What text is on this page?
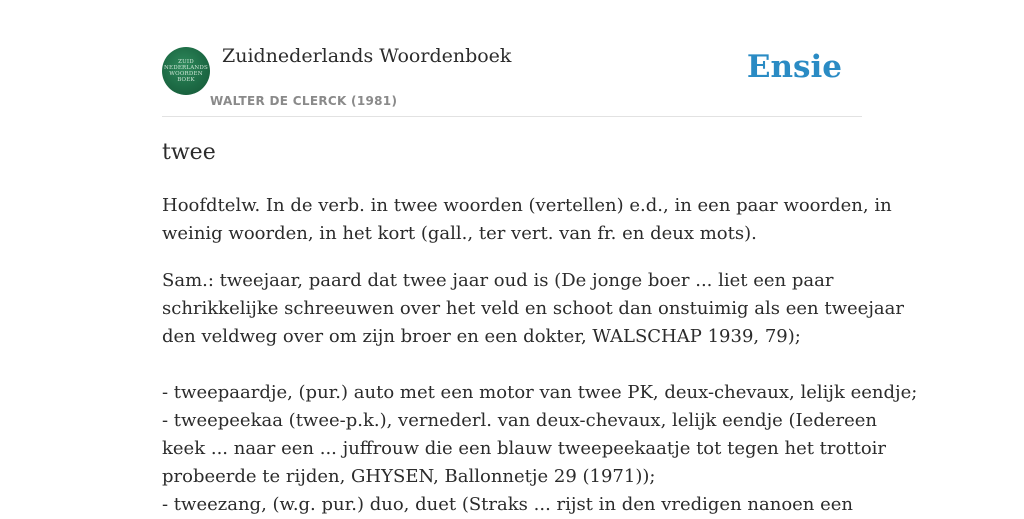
ZUID
NEDERLANDS
WOORDEN
BOEK
Zuidnederlands Woordenboek
WALTER DE CLERCK (1981)
Ensie
twee

Hoofdtelw. In de verb. in twee woorden (vertellen) e.d., in een paar woorden, in

weinig woorden, in het kort (gall., ter vert. van fr. en deux mots).

Sam.: tweejaar, paard dat twee jaar oud is (De jonge boer ... liet een paar

schrikkelijke schreeuwen over het veld en schoot dan onstuimig als een tweejaar

den veldweg over om zijn broer en een dokter, WALSCHAP 1939, 79);

- tweepaardje, (pur.) auto met een motor van twee PK, deux-chevaux, lelijk eendje;

- tweepeekaa (twee-p.k.), vernederl. van deux-chevaux, lelijk eendje (Iedereen

keek ... naar een ... juffrouw die een blauw tweepeekaatje tot tegen het trottoir

probeerde te rijden, GHYSEN, Ballonnetje 29 (1971));

- tweezang, (w.g. pur.) duo, duet (Straks ... rijst in den vredigen nanoen een
